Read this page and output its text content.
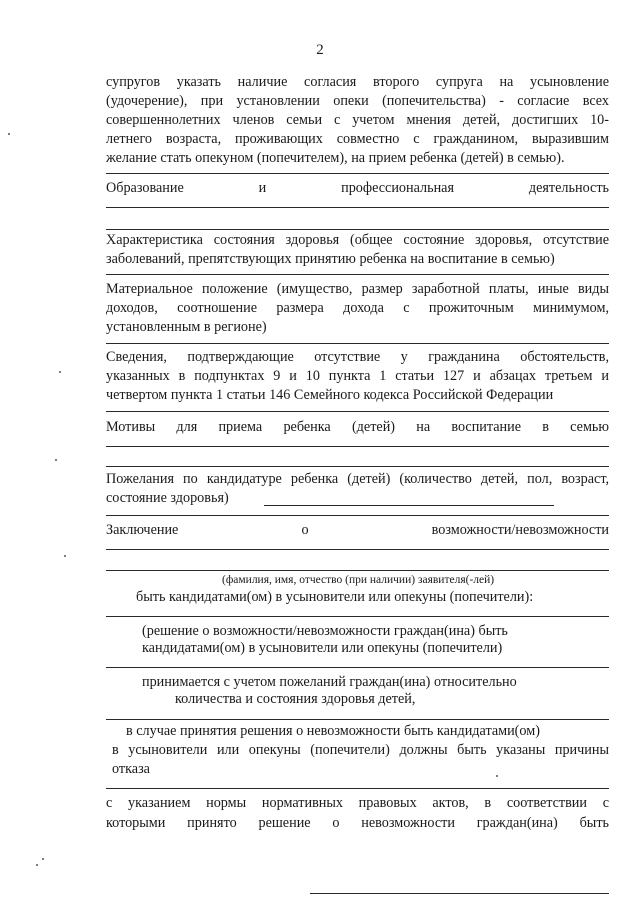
2
супругов указать наличие согласия второго супруга на усыновление
(удочерение), при установлении опеки (попечительства) - согласие всех
совершеннолетних членов семьи с учетом мнения детей, достигших 10-
летнего возраста, проживающих совместно с гражданином, выразившим
желание стать опекуном (попечителем), на прием ребенка (детей) в семью).
Образование и профессиональная деятельность
Характеристика состояния здоровья (общее состояние здоровья, отсутствие
заболеваний, препятствующих принятию ребенка на воспитание в семью)
Материальное положение (имущество, размер заработной платы, иные виды
доходов, соотношение размера дохода с прожиточным минимумом,
установленным в регионе)
Сведения, подтверждающие отсутствие у гражданина обстоятельств,
указанных в подпунктах 9 и 10 пункта 1 статьи 127 и абзацах третьем и
четвертом пункта 1 статьи 146 Семейного кодекса Российской Федерации
Мотивы для приема ребенка (детей) на воспитание в семью
Пожелания по кандидатуре ребенка (детей) (количество детей, пол, возраст,
состояние здоровья)
Заключение о возможности/невозможности
(фамилия, имя, отчество (при наличии) заявителя(-лей)
быть кандидатами(ом) в усыновители или опекуны (попечители):
(решение о возможности/невозможности граждан(ина) быть
кандидатами(ом) в усыновители или опекуны (попечители)
принимается с учетом пожеланий граждан(ина) относительно
количества и состояния здоровья детей,
в случае принятия решения о невозможности быть кандидатами(ом)
в усыновители или опекуны (попечители) должны быть указаны причины
отказа
с указанием нормы нормативных правовых актов, в соответствии с
которыми принято решение о невозможности граждан(ина) быть
